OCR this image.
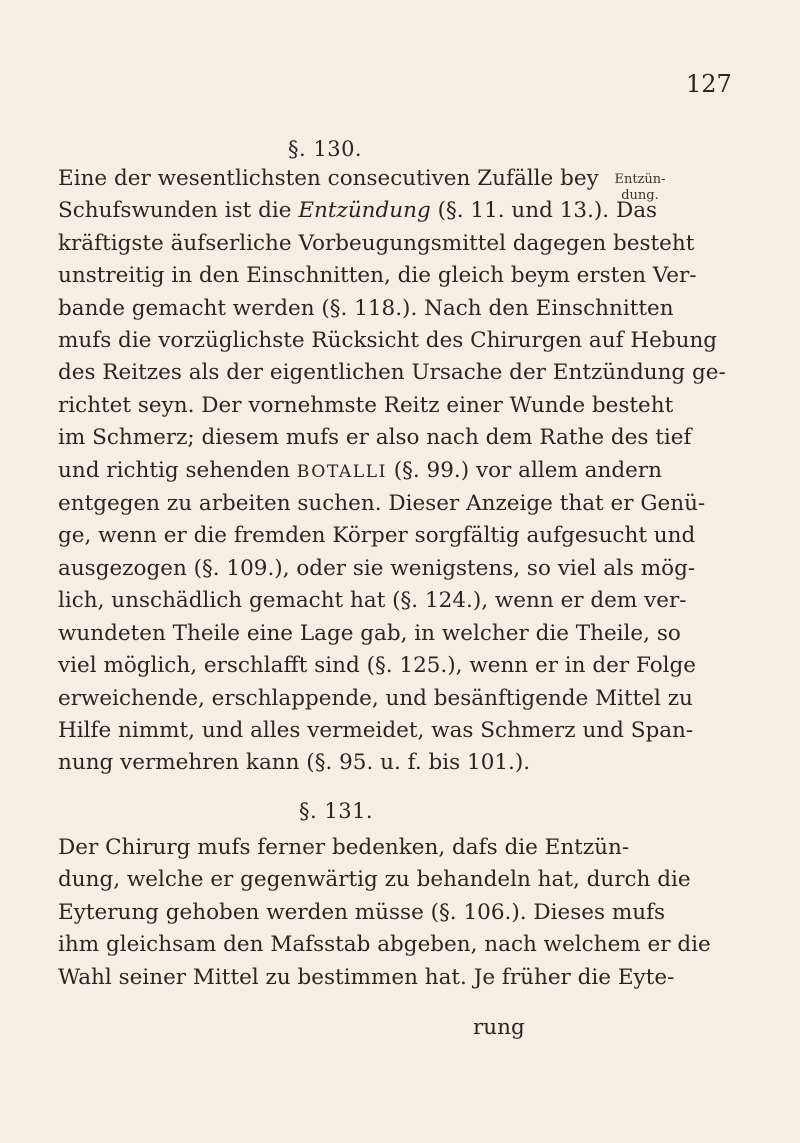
127
Entzün-dung.
§. 130.
Eine der wesentlichsten consecutiven Zufälle bey
Schufswunden ist die Entzündung (§. 11. und 13.). Das
kräftigste äufserliche Vorbeugungsmittel dagegen besteht
unstreitig in den Einschnitten, die gleich beym ersten Ver-
bande gemacht werden (§. 118.). Nach den Einschnitten
mufs die vorzüglichste Rücksicht des Chirurgen auf Hebung
des Reitzes als der eigentlichen Ursache der Entzündung ge-
richtet seyn. Der vornehmste Reitz einer Wunde besteht
im Schmerz; diesem mufs er also nach dem Rathe des tief
und richtig sehenden BOTALLI (§. 99.) vor allem andern
entgegen zu arbeiten suchen. Dieser Anzeige that er Genü-
ge, wenn er die fremden Körper sorgfältig aufgesucht und
ausgezogen (§. 109.), oder sie wenigstens, so viel als mög-
lich, unschädlich gemacht hat (§. 124.), wenn er dem ver-
wundeten Theile eine Lage gab, in welcher die Theile, so
viel möglich, erschlafft sind (§. 125.), wenn er in der Folge
erweichende, erschlappende, und besänftigende Mittel zu
Hilfe nimmt, und alles vermeidet, was Schmerz und Span-
nung vermehren kann (§. 95. u. f. bis 101.).
§. 131.
Der Chirurg mufs ferner bedenken, dafs die Entzün-
dung, welche er gegenwärtig zu behandeln hat, durch die
Eyterung gehoben werden müsse (§. 106.). Dieses mufs
ihm gleichsam den Mafsstab abgeben, nach welchem er die
Wahl seiner Mittel zu bestimmen hat. Je früher die Eyte-
rung
